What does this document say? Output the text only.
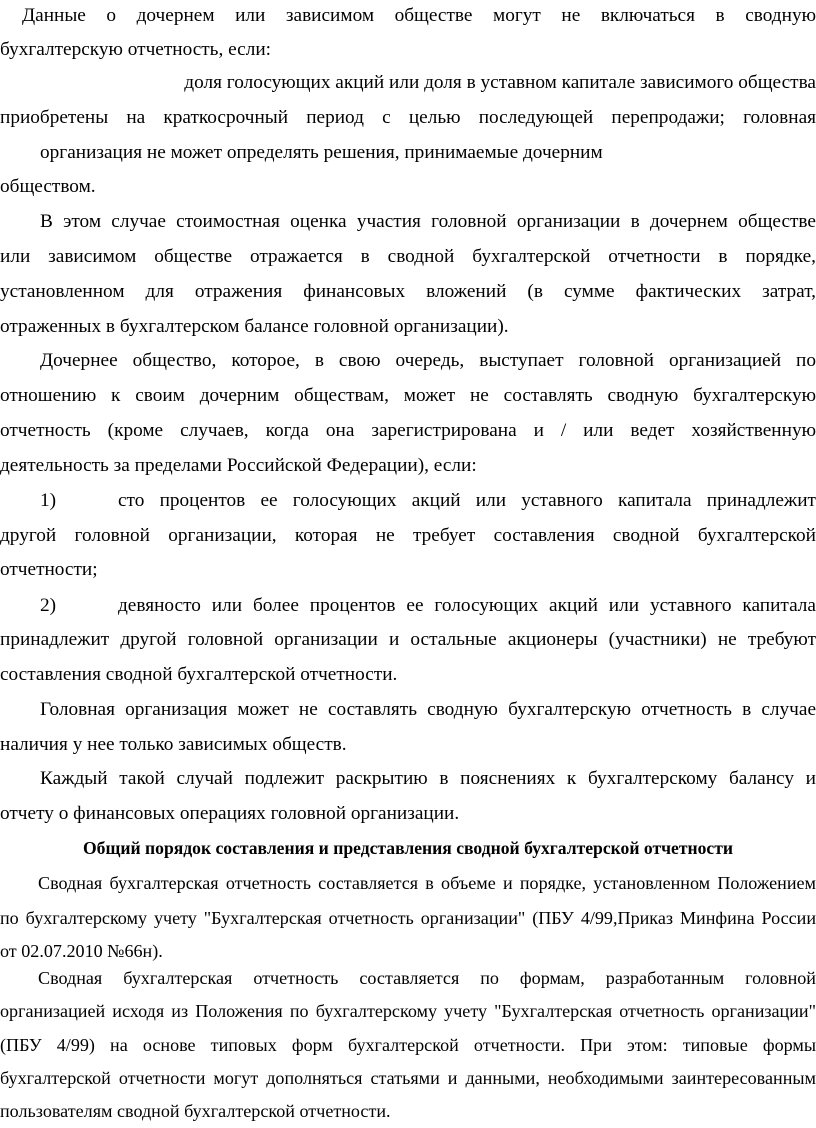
Данные о дочернем или зависимом обществе могут не включаться в сводную

бухгалтерскую отчетность, если:

доля голосующих акций или доля в уставном капитале зависимого общества

приобретены на краткосрочный период с целью последующей перепродажи; головная

организация не может определять решения, принимаемые дочерним

обществом.

В этом случае стоимостная оценка участия головной организации в дочернем обществе

или зависимом обществе отражается в сводной бухгалтерской отчетности в порядке,

установленном для отражения финансовых вложений (в сумме фактических затрат,

отраженных в бухгалтерском балансе головной организации).

Дочернее общество, которое, в свою очередь, выступает головной организацией по

отношению к своим дочерним обществам, может не составлять сводную бухгалтерскую

отчетность (кроме случаев, когда она зарегистрирована и / или ведет хозяйственную

деятельность за пределами Российской Федерации), если:

1)	сто процентов ее голосующих акций или уставного капитала принадлежит

другой головной организации, которая не требует составления сводной бухгалтерской

отчетности;

2)	девяносто или более процентов ее голосующих акций или уставного капитала

принадлежит другой головной организации и остальные акционеры (участники) не требуют

составления сводной бухгалтерской отчетности.

Головная организация может не составлять сводную бухгалтерскую отчетность в случае

наличия у нее только зависимых обществ.

Каждый такой случай подлежит раскрытию в пояснениях к бухгалтерскому балансу и

отчету о финансовых операциях головной организации.

Общий порядок составления и представления сводной бухгалтерской отчетности

Сводная бухгалтерская отчетность составляется в объеме и порядке, установленном Положением

по бухгалтерскому учету "Бухгалтерская отчетность организации" (ПБУ 4/99,Приказ Минфина России

от 02.07.2010 №66н).

Сводная бухгалтерская отчетность составляется по формам, разработанным головной

организацией исходя из Положения по бухгалтерскому учету "Бухгалтерская отчетность организации"

(ПБУ 4/99) на основе типовых форм бухгалтерской отчетности. При этом: типовые формы

бухгалтерской отчетности могут дополняться статьями и данными, необходимыми заинтересованным

пользователям сводной бухгалтерской отчетности.
